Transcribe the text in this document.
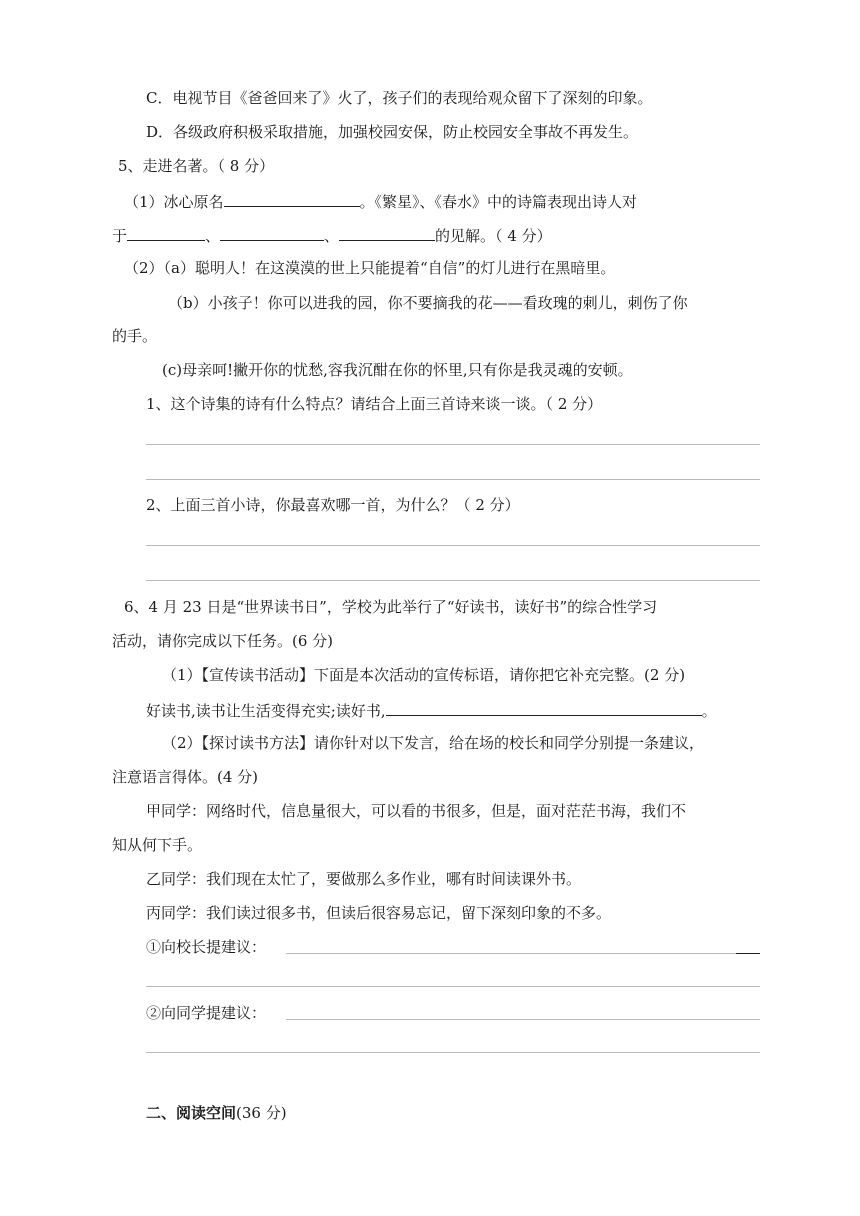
C．电视节目《爸爸回来了》火了，孩子们的表现给观众留下了深刻的印象。
D．各级政府积极采取措施，加强校园安保，防止校园安全事故不再发生。
5、走进名著。（ 8 分）
（1）冰心原名	。《繁星》、《春水》中的诗篇表现出诗人对
于	、	、	的见解。（ 4 分）
（2）（a）聪明人！在这漠漠的世上只能提着“自信”的灯儿进行在黑暗里。
（b）小孩子！你可以进我的园，你不要摘我的花——看玫瑰的刺儿，刺伤了你
的手。
(c)母亲呵!撇开你的忧愁,容我沉酣在你的怀里,只有你是我灵魂的安顿。
1、这个诗集的诗有什么特点？请结合上面三首诗来谈一谈。（ 2 分）
2、上面三首小诗，你最喜欢哪一首，为什么？（ 2 分）
6、4 月 23 日是“世界读书日”，学校为此举行了“好读书，读好书”的综合性学习
活动，请你完成以下任务。(6 分)
（1）【宣传读书活动】下面是本次活动的宣传标语，请你把它补充完整。(2 分)
好读书,读书让生活变得充实;读好书,	。
（2）【探讨读书方法】请你针对以下发言，给在场的校长和同学分别提一条建议，
注意语言得体。(4 分)
甲同学：网络时代，信息量很大，可以看的书很多，但是，面对茫茫书海，我们不
知从何下手。
乙同学：我们现在太忙了，要做那么多作业，哪有时间读课外书。
丙同学：我们读过很多书，但读后很容易忘记，留下深刻印象的不多。
①向校长提建议：
②向同学提建议：
二、阅读空间(36 分)
